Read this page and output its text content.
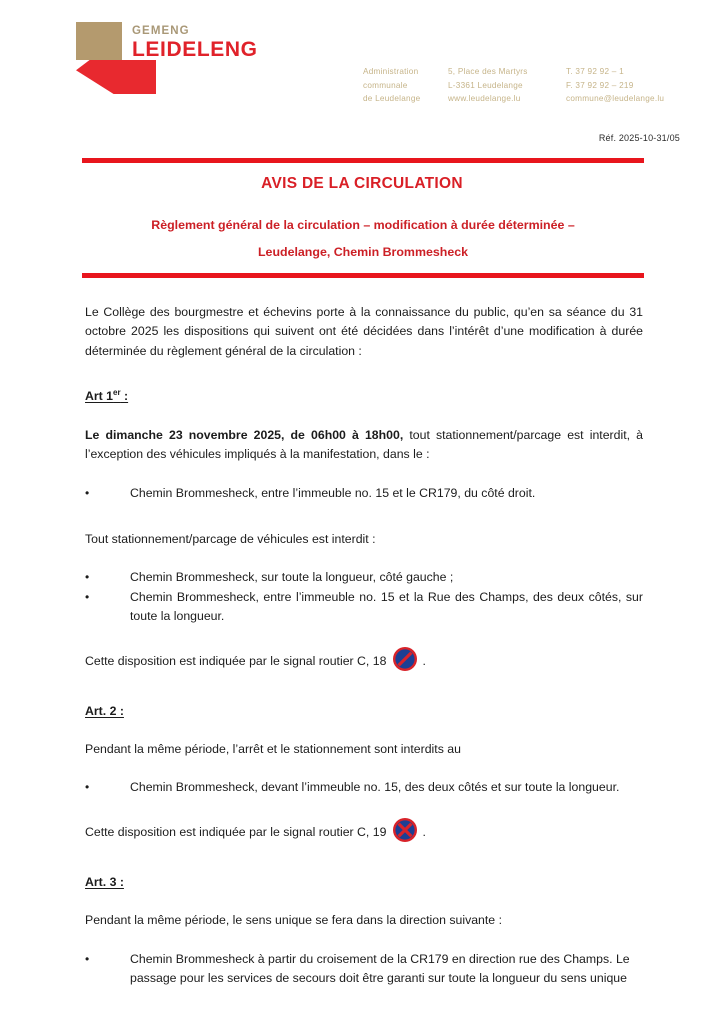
GEMENG
LEIDELENG
Administration
communale
de Leudelange
5, Place des Martyrs
L-3361 Leudelange
www.leudelange.lu
T. 37 92 92 – 1
F. 37 92 92 – 219
commune@leudelange.lu
Réf. 2025-10-31/05
AVIS DE LA CIRCULATION
Règlement général de la circulation – modification à durée déterminée –
Leudelange, Chemin Brommesheck

Le Collège des bourgmestre et échevins porte à la connaissance du public, qu’en sa séance du 31 octobre 2025 les dispositions qui suivent ont été décidées dans l’intérêt d’une modification à durée déterminée du règlement général de la circulation :

Art 1er :

Le dimanche 23 novembre 2025, de 06h00 à 18h00, tout stationnement/parcage est interdit, à l’exception des véhicules impliqués à la manifestation, dans le :

•	Chemin Brommesheck, entre l’immeuble no. 15 et le CR179, du côté droit.

Tout stationnement/parcage de véhicules est interdit :

•	Chemin Brommesheck, sur toute la longueur, côté gauche ;
•	Chemin Brommesheck, entre l’immeuble no. 15 et la Rue des Champs, des deux côtés, sur toute la longueur.
Cette disposition est indiquée par le signal routier C, 18	.
Art. 2 :

Pendant la même période, l’arrêt et le stationnement sont interdits au

•	Chemin Brommesheck, devant l’immeuble no. 15, des deux côtés et sur toute la longueur.
Cette disposition est indiquée par le signal routier C, 19	.
Art. 3 :

Pendant la même période, le sens unique se fera dans la direction suivante :

•	Chemin Brommesheck à partir du croisement de la CR179 en direction rue des Champs. Le passage pour les services de secours doit être garanti sur toute la longueur du sens unique
